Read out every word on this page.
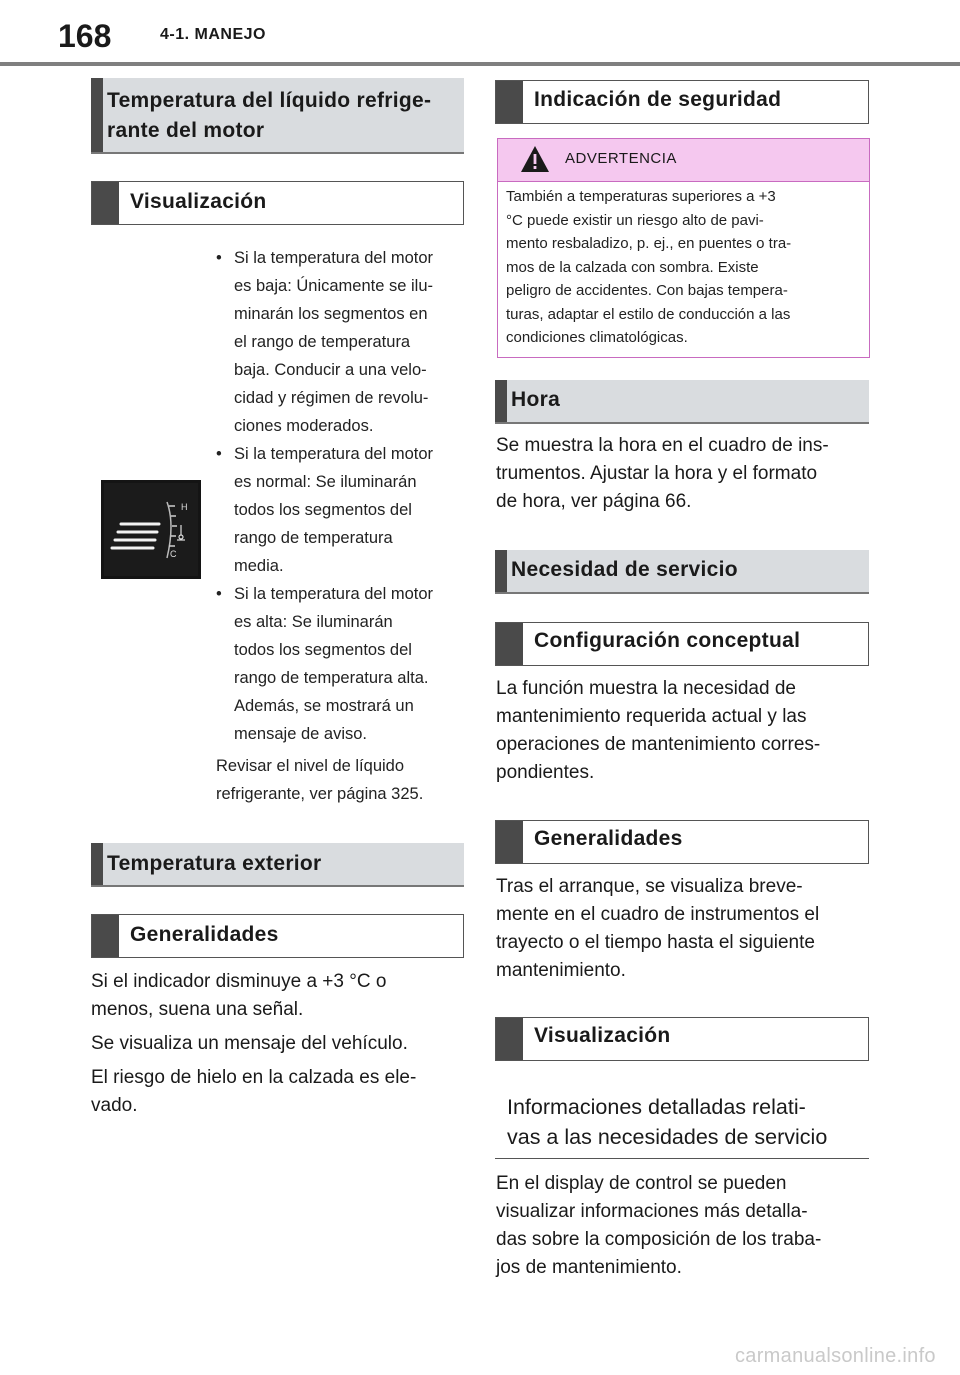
168	4-1. MANEJO
Temperatura del líquido refrige-
rante del motor
Visualización
H
C
• Si la temperatura del motor
es baja: Únicamente se ilu-
minarán los segmentos en
el rango de temperatura
baja. Conducir a una velo-
cidad y régimen de revolu-
ciones moderados.
• Si la temperatura del motor
es normal: Se iluminarán
todos los segmentos del
rango de temperatura
media.
• Si la temperatura del motor
es alta: Se iluminarán
todos los segmentos del
rango de temperatura alta.
Además, se mostrará un
mensaje de aviso.
Revisar el nivel de líquido
refrigerante, ver página 325.
Temperatura exterior
Generalidades
Si el indicador disminuye a +3 °C o
menos, suena una señal.
Se visualiza un mensaje del vehículo.
El riesgo de hielo en la calzada es ele-
vado.
Indicación de seguridad
ADVERTENCIA
También a temperaturas superiores a +3
°C puede existir un riesgo alto de pavi-
mento resbaladizo, p. ej., en puentes o tra-
mos de la calzada con sombra. Existe
peligro de accidentes. Con bajas tempera-
turas, adaptar el estilo de conducción a las
condiciones climatológicas.
Hora
Se muestra la hora en el cuadro de ins-
trumentos. Ajustar la hora y el formato
de hora, ver página 66.
Necesidad de servicio
Configuración conceptual
La función muestra la necesidad de
mantenimiento requerida actual y las
operaciones de mantenimiento corres-
pondientes.
Generalidades
Tras el arranque, se visualiza breve-
mente en el cuadro de instrumentos el
trayecto o el tiempo hasta el siguiente
mantenimiento.
Visualización
Informaciones detalladas relati-
vas a las necesidades de servicio
En el display de control se pueden
visualizar informaciones más detalla-
das sobre la composición de los traba-
jos de mantenimiento.
carmanualsonline.info
